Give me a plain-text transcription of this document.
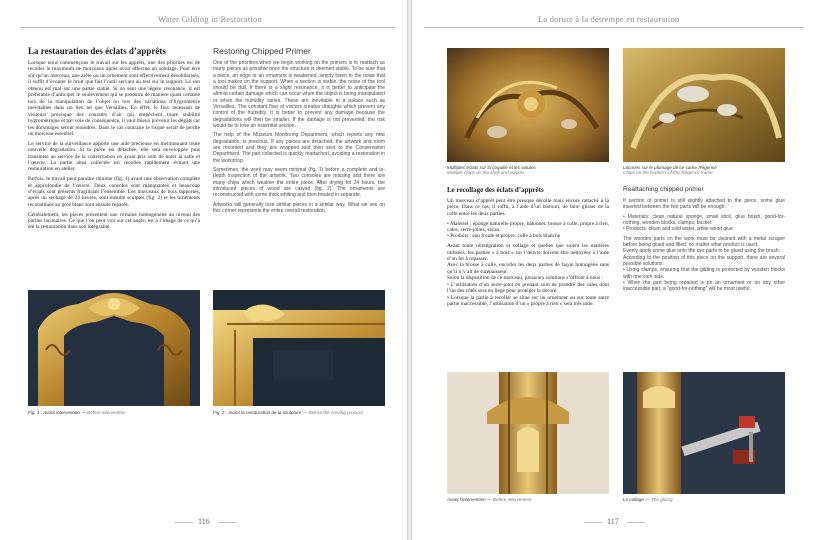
Water Gilding in Restoration
La restauration des éclats d’apprêts	Restoring Chipped Primer

Lorsque nous commençons le travail sur les apprêts, une des priorités est de recoller le maximum de morceaux après avoir effectué un sondage. Pour être sûr qu’un morceau, une arête ou un ornement sont effectivement désolidarisés, il suffit d’écouter le bruit que fait l’outil servant au test sur le support. Le son obtenu est mat sur une partie stable. Si on sent une légère résonance, il est préférable d’anticiper le soulèvement qui se produira de manière quasi certaine lors de la manipulation de l’objet ou lors des variations d’hygrométrie inévitables dans un lieu tel que Versailles. En effet, le flux incessant de visiteurs provoque des courants d’air qui empêchent toute stabilité hygrométrique et par voie de conséquence, il vaut mieux prévenir les dégâts car les dommages seront moindres. Dans le cas contraire le risque serait de perdre un morceau essentiel.

Le service de la surveillance apporte une aide précieuse en mentionnant toute nouvelle dégradation. Si la pièce est détachée, elle sera enveloppée puis transmise au service de la conservation en ayant pris soin de noter la salle et l’œuvre. La partie ainsi collectée est recollée rapidement évitant une restauration en atelier.

Parfois, le travail peut paraître minime (fig. 1) avant une observation complète et approfondie de l’œuvre. Deux consoles sont manquantes et beaucoup d’éclats sont présents fragilisant l’ensemble. Les morceaux de bois rapportés, après un séchage de 24 heures, sont ensuite sculptés (fig. 2) et les ornements reconstitués au gros blanc sont ensuite réparés.

Généralement, les pièces présentent une certaine homogénéité au niveau des parties lacunaires. Ce que l’on peut voir sur cet angle, est à l’image de ce qu’a été la restauration dans son intégralité.

One of the priorities when we begin working on the primers is to reattach as many pieces as possible once the structure is deemed stable. To be sure that a piece, an edge or an ornament is weakened, simply listen to the noise that a tool makes on the support. When a section is stable, the noise of the tool should be dull. If there is a slight resonance, it is better to anticipate the almost certain damage which can occur when the object is being manipulated or when the humidity varies. These are inevitable in a palace such as Versailles. The constant flow of visitors creates draughts which prevent any control of the humidity. It is better to prevent any damage because the degradations will then be smaller. If the damage is not prevented, the risk would be to lose an essential section.

The help of the Museum Monitoring Department, which reports any new degradation, is precious. If any pieces are detached, the artwork and room are recorded and they are wrapped and then sent to the Conservation Department. The part collected is quickly reattached, avoiding a restoration in the workshop.

Sometimes, the work may seem minimal (fig. 1) before a complete and in-depth inspection of the artwork. Two consoles are missing and there are many chips which weaken the entire piece. After drying for 24 hours, the introduced pieces of wood are carved (fig. 2). The ornaments are reconstructed with some thick whiting and then treated in separate.

Artworks will generally lose similar pieces in a similar way. What we see on this corner represents the entire overall restoration.

Fig. 1 : Avant intervention — Before intervention	Fig. 2 : Avant la restauration de la sculpture — Before the carving process
116
La dorure à la détrempe en restauration
Multiples éclats sur la coquille et les volutes
Multiple chips on the shell and volutes
Lacunes sur le plumage de ce cadre Régence
Chips on the feathers of this Regency frame
Le recollage des éclats d’apprêts	Reattaching chipped primer

Un morceau d’apprêt peut être presque décollé mais encore rattaché à la pièce. Dans ce cas, il suffit, à l’aide d’un bistouri, de faire glisser de la colle entre les deux parties.

• Matériel : éponge naturelle propre, bâtonnet, brosse à colle, propre à rien, cales, serre-joints, secau

• Produits : eau froide et propre, colle à bois blanche

Avant toute réintégration et collage et quelles que soient les matières utilisées, les parties « à bois » sur l’œuvre doivent être nettoyées à l’aide d’un fer à repasser.

Avec la brosse à colle, encoller les deux parties de façon homogène sans qu’il n’y ait de surépaisseur.

Selon la disposition de ce morceau, plusieurs solutions s’offrent à nous :

• L’utilisation d’un serre-joint en prenant soin de prendre des cales dont l’un des côtés sera en liège pour protéger la dorure.

• Lorsque la partie à recoller se situe sur un ornement ou sur toute autre partie inaccessible, l’utilisation d’un « propre à rien » sera très utile.

If section of primer is still slightly attached to the piece, some glue inserted between the two parts will be enough.

• Materials: clean natural sponge, small stick, glue brush, good-for-nothing, wooden blocks, clamps, bucket

• Products: clean and cold water, white wood glue

The wooden parts on the work must be cleaned with a metal scraper before being glued and filled, no matter what product is used.

Evenly apply some glue onto the two parts to be glued using the brush.

According to the position of this piece on the support, there are several possible solutions:

• Using clamps, ensuring that the gilding is protected by wooden blocks with one cork side.

• When the part being repaired is on an ornament or on any other inaccessible part, a “good-for-nothing” will be most useful.

Avant l’intervention — Before intervention	Le collage — The gluing
117
